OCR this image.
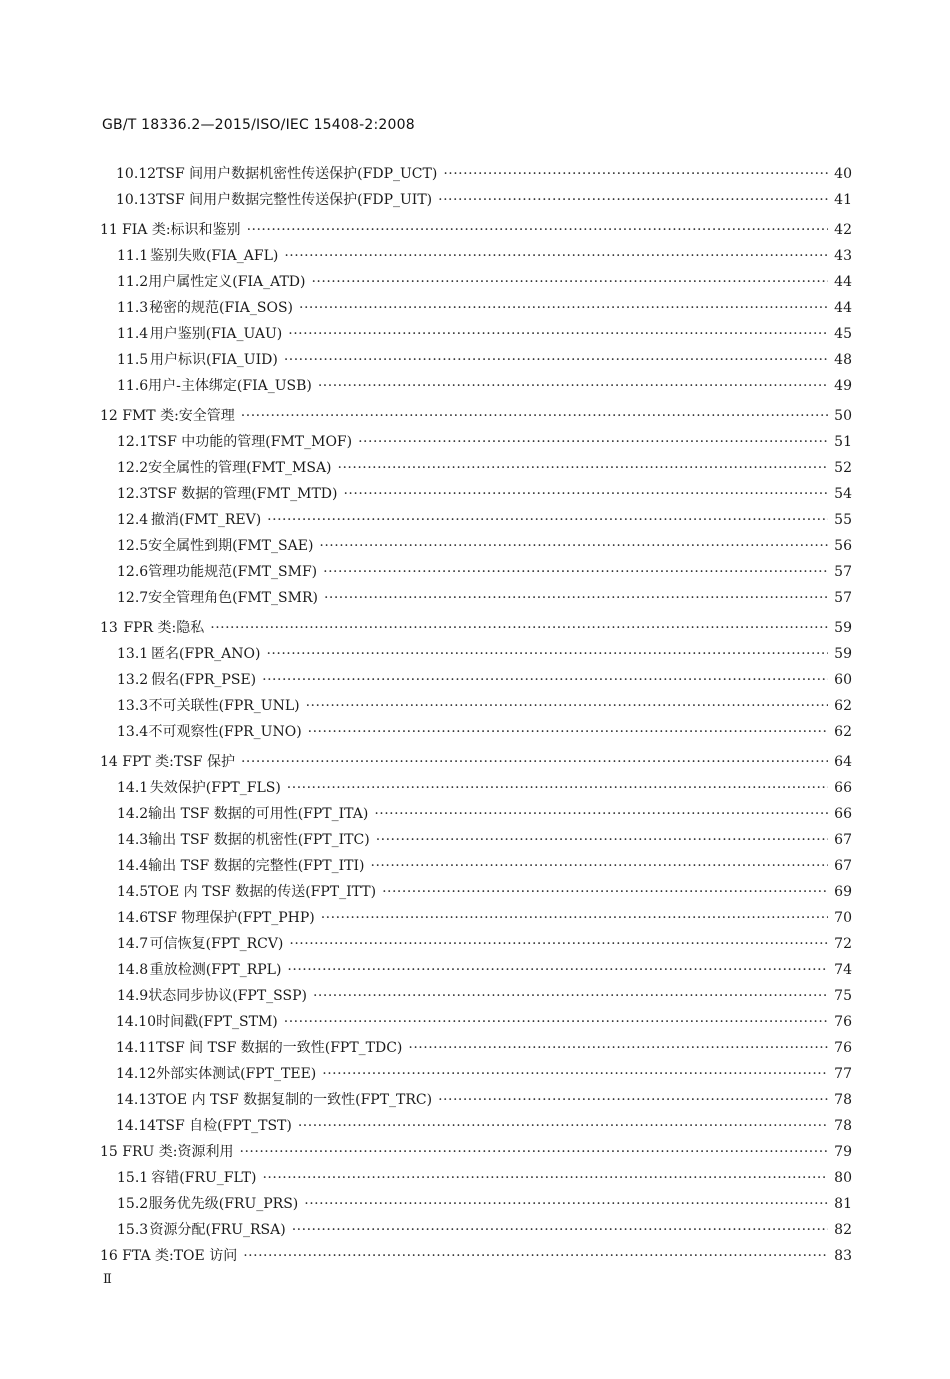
GB/T 18336.2—2015/ISO/IEC 15408-2:2008
10.12 TSF 间用户数据机密性传送保护(FDP_UCT) ·····	40
10.13 TSF 间用户数据完整性传送保护(FDP_UIT) ·····	41
11 FIA 类:标识和鉴别 ·····	42
11.1 鉴别失败(FIA_AFL) ·····	43
11.2 用户属性定义(FIA_ATD) ·····	44
11.3 秘密的规范(FIA_SOS) ·····	44
11.4 用户鉴别(FIA_UAU) ·····	45
11.5 用户标识(FIA_UID) ·····	48
11.6 用户-主体绑定(FIA_USB) ·····	49
12 FMT 类:安全管理 ·····	50
12.1 TSF 中功能的管理(FMT_MOF) ·····	51
12.2 安全属性的管理(FMT_MSA) ·····	52
12.3 TSF 数据的管理(FMT_MTD) ·····	54
12.4 撤消(FMT_REV) ·····	55
12.5 安全属性到期(FMT_SAE) ·····	56
12.6 管理功能规范(FMT_SMF) ·····	57
12.7 安全管理角色(FMT_SMR) ·····	57
13 FPR 类:隐私 ·····	59
13.1 匿名(FPR_ANO) ·····	59
13.2 假名(FPR_PSE) ·····	60
13.3 不可关联性(FPR_UNL) ·····	62
13.4 不可观察性(FPR_UNO) ·····	62
14 FPT 类:TSF 保护 ·····	64
14.1 失效保护(FPT_FLS) ·····	66
14.2 输出 TSF 数据的可用性(FPT_ITA) ·····	66
14.3 输出 TSF 数据的机密性(FPT_ITC) ·····	67
14.4 输出 TSF 数据的完整性(FPT_ITI) ·····	67
14.5 TOE 内 TSF 数据的传送(FPT_ITT) ·····	69
14.6 TSF 物理保护(FPT_PHP) ·····	70
14.7 可信恢复(FPT_RCV) ·····	72
14.8 重放检测(FPT_RPL) ·····	74
14.9 状态同步协议(FPT_SSP) ·····	75
14.10 时间戳(FPT_STM) ·····	76
14.11 TSF 间 TSF 数据的一致性(FPT_TDC) ·····	76
14.12 外部实体测试(FPT_TEE) ·····	77
14.13 TOE 内 TSF 数据复制的一致性(FPT_TRC) ·····	78
14.14 TSF 自检(FPT_TST) ·····	78
15 FRU 类:资源利用 ·····	79
15.1 容错(FRU_FLT) ·····	80
15.2 服务优先级(FRU_PRS) ·····	81
15.3 资源分配(FRU_RSA) ·····	82
16 FTA 类:TOE 访问 ·····	83
Ⅱ
